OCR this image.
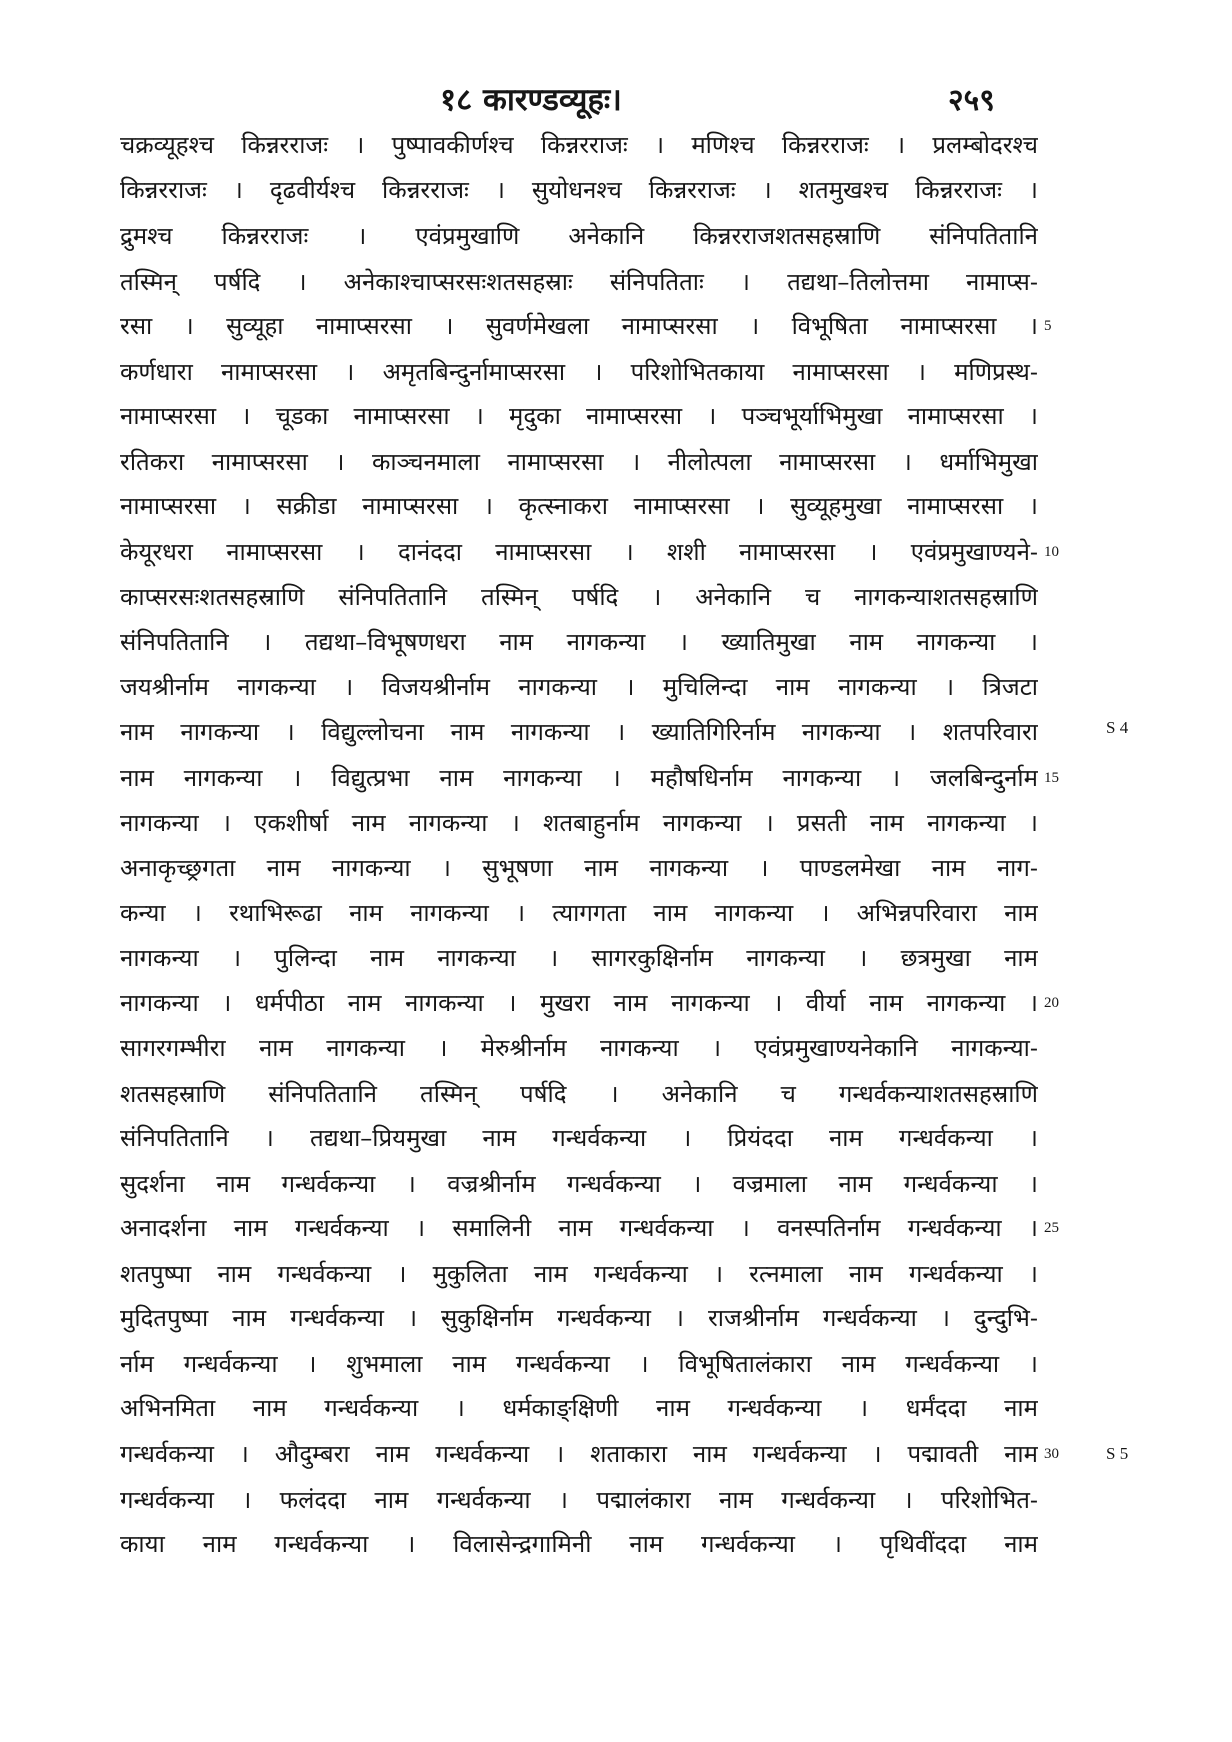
१८ कारण्डव्यूहः।	२५९
चक्रव्यूहश्च किन्नरराजः । पुष्पावकीर्णश्च किन्नरराजः । मणिश्च किन्नरराजः । प्रलम्बोदरश्च
किन्नरराजः । दृढवीर्यश्च किन्नरराजः । सुयोधनश्च किन्नरराजः । शतमुखश्च किन्नरराजः ।
द्रुमश्च किन्नरराजः । एवंप्रमुखाणि अनेकानि किन्नरराजशतसहस्राणि संनिपतितानि
तस्मिन् पर्षदि । अनेकाश्चाप्सरसःशतसहस्राः संनिपतिताः । तद्यथा–तिलोत्तमा नामाप्स-
रसा । सुव्यूहा नामाप्सरसा । सुवर्णमेखला नामाप्सरसा । विभूषिता नामाप्सरसा ।
कर्णधारा नामाप्सरसा । अमृतबिन्दुर्नामाप्सरसा । परिशोभितकाया नामाप्सरसा । मणिप्रस्थ-
नामाप्सरसा । चूडका नामाप्सरसा । मृदुका नामाप्सरसा । पञ्चभूर्याभिमुखा नामाप्सरसा ।
रतिकरा नामाप्सरसा । काञ्चनमाला नामाप्सरसा । नीलोत्पला नामाप्सरसा । धर्माभिमुखा
नामाप्सरसा । सक्रीडा नामाप्सरसा । कृत्स्नाकरा नामाप्सरसा । सुव्यूहमुखा नामाप्सरसा ।
केयूरधरा नामाप्सरसा । दानंददा नामाप्सरसा । शशी नामाप्सरसा । एवंप्रमुखाण्यने-
काप्सरसःशतसहस्राणि संनिपतितानि तस्मिन् पर्षदि । अनेकानि च नागकन्याशतसहस्राणि
संनिपतितानि । तद्यथा–विभूषणधरा नाम नागकन्या । ख्यातिमुखा नाम नागकन्या ।
जयश्रीर्नाम नागकन्या । विजयश्रीर्नाम नागकन्या । मुचिलिन्दा नाम नागकन्या । त्रिजटा
नाम नागकन्या । विद्युल्लोचना नाम नागकन्या । ख्यातिगिरिर्नाम नागकन्या । शतपरिवारा
नाम नागकन्या । विद्युत्प्रभा नाम नागकन्या । महौषधिर्नाम नागकन्या । जलबिन्दुर्नाम
नागकन्या । एकशीर्षा नाम नागकन्या । शतबाहुर्नाम नागकन्या । प्रसती नाम नागकन्या ।
अनाकृच्छ्रगता नाम नागकन्या । सुभूषणा नाम नागकन्या । पाण्डलमेखा नाम नाग-
कन्या । रथाभिरूढा नाम नागकन्या । त्यागगता नाम नागकन्या । अभिन्नपरिवारा नाम
नागकन्या । पुलिन्दा नाम नागकन्या । सागरकुक्षिर्नाम नागकन्या । छत्रमुखा नाम
नागकन्या । धर्मपीठा नाम नागकन्या । मुखरा नाम नागकन्या । वीर्या नाम नागकन्या ।
सागरगम्भीरा नाम नागकन्या । मेरुश्रीर्नाम नागकन्या । एवंप्रमुखाण्यनेकानि नागकन्या-
शतसहस्राणि संनिपतितानि तस्मिन् पर्षदि । अनेकानि च गन्धर्वकन्याशतसहस्राणि
संनिपतितानि । तद्यथा–प्रियमुखा नाम गन्धर्वकन्या । प्रियंददा नाम गन्धर्वकन्या ।
सुदर्शना नाम गन्धर्वकन्या । वज्रश्रीर्नाम गन्धर्वकन्या । वज्रमाला नाम गन्धर्वकन्या ।
अनादर्शना नाम गन्धर्वकन्या । समालिनी नाम गन्धर्वकन्या । वनस्पतिर्नाम गन्धर्वकन्या ।
शतपुष्पा नाम गन्धर्वकन्या । मुकुलिता नाम गन्धर्वकन्या । रत्नमाला नाम गन्धर्वकन्या ।
मुदितपुष्पा नाम गन्धर्वकन्या । सुकुक्षिर्नाम गन्धर्वकन्या । राजश्रीर्नाम गन्धर्वकन्या । दुन्दुभि-
र्नाम गन्धर्वकन्या । शुभमाला नाम गन्धर्वकन्या । विभूषितालंकारा नाम गन्धर्वकन्या ।
अभिनमिता नाम गन्धर्वकन्या । धर्मकाङ्क्षिणी नाम गन्धर्वकन्या । धर्मंददा नाम
गन्धर्वकन्या । औदुम्बरा नाम गन्धर्वकन्या । शताकारा नाम गन्धर्वकन्या । पद्मावती नाम
गन्धर्वकन्या । फलंददा नाम गन्धर्वकन्या । पद्मालंकारा नाम गन्धर्वकन्या । परिशोभित-
काया नाम गन्धर्वकन्या । विलासेन्द्रगामिनी नाम गन्धर्वकन्या । पृथिवींददा नाम
5
10
15
20
25
30
S 4
S 5
